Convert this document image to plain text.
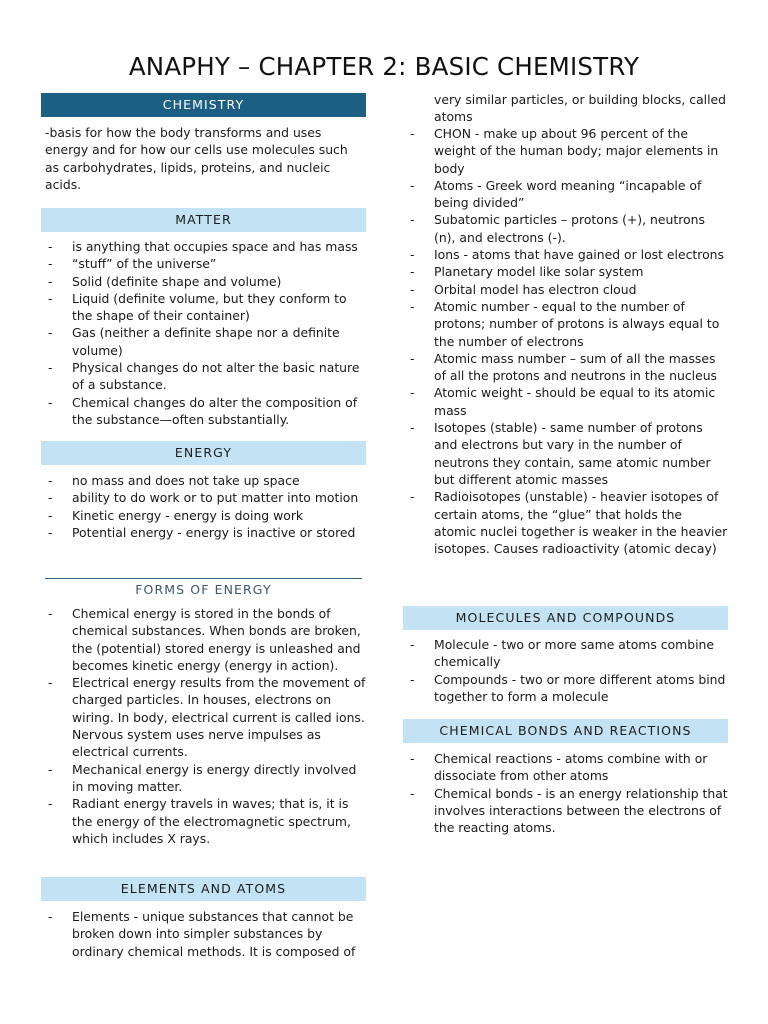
ANAPHY – CHAPTER 2: BASIC CHEMISTRY
CHEMISTRY
-basis for how the body transforms and uses energy and for how our cells use molecules such as carbohydrates, lipids, proteins, and nucleic acids.
MATTER
- is anything that occupies space and has mass
- “stuff” of the universe”
- Solid (definite shape and volume)
- Liquid (definite volume, but they conform to the shape of their container)
- Gas (neither a definite shape nor a definite volume)
- Physical changes do not alter the basic nature of a substance.
- Chemical changes do alter the composition of the substance—often substantially.
ENERGY
- no mass and does not take up space
- ability to do work or to put matter into motion
- Kinetic energy - energy is doing work
- Potential energy - energy is inactive or stored
FORMS OF ENERGY
- Chemical energy is stored in the bonds of chemical substances. When bonds are broken, the (potential) stored energy is unleashed and becomes kinetic energy (energy in action).
- Electrical energy results from the movement of charged particles. In houses, electrons on wiring. In body, electrical current is called ions. Nervous system uses nerve impulses as electrical currents.
- Mechanical energy is energy directly involved in moving matter.
- Radiant energy travels in waves; that is, it is the energy of the electromagnetic spectrum, which includes X rays.
ELEMENTS AND ATOMS
- Elements - unique substances that cannot be broken down into simpler substances by ordinary chemical methods. It is composed of
very similar particles, or building blocks, called atoms
- CHON - make up about 96 percent of the weight of the human body; major elements in body
- Atoms - Greek word meaning “incapable of being divided”
- Subatomic particles – protons (+), neutrons (n), and electrons (-).
- Ions - atoms that have gained or lost electrons
- Planetary model like solar system
- Orbital model has electron cloud
- Atomic number - equal to the number of protons; number of protons is always equal to the number of electrons
- Atomic mass number – sum of all the masses of all the protons and neutrons in the nucleus
- Atomic weight - should be equal to its atomic mass
- Isotopes (stable) - same number of protons and electrons but vary in the number of neutrons they contain, same atomic number but different atomic masses
- Radioisotopes (unstable) - heavier isotopes of certain atoms, the “glue” that holds the atomic nuclei together is weaker in the heavier isotopes. Causes radioactivity (atomic decay)
MOLECULES AND COMPOUNDS
- Molecule - two or more same atoms combine chemically
- Compounds - two or more different atoms bind together to form a molecule
CHEMICAL BONDS AND REACTIONS
- Chemical reactions - atoms combine with or dissociate from other atoms
- Chemical bonds - is an energy relationship that involves interactions between the electrons of the reacting atoms.
